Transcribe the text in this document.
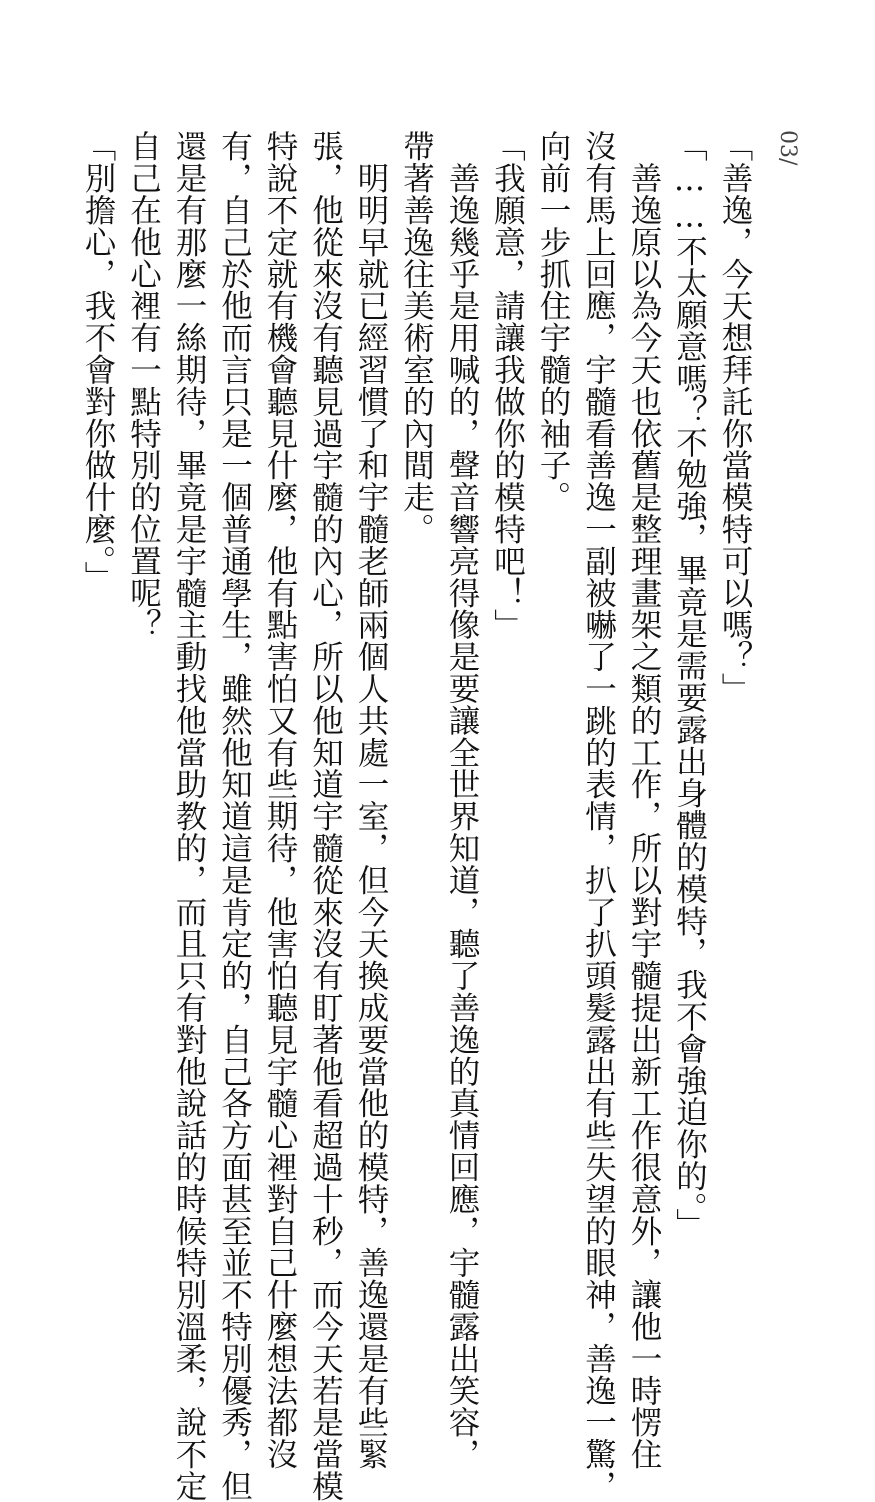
03/

「善逸，今天想拜託你當模特可以嗎？」

「……不太願意嗎？不勉強，畢竟是需要露出身體的模特，我不會強迫你的。」

　善逸原以為今天也依舊是整理畫架之類的工作，所以對宇髓提出新工作很意外，讓他一時愣住
沒有馬上回應，宇髓看善逸一副被嚇了一跳的表情，扒了扒頭髮露出有些失望的眼神，善逸一驚，
向前一步抓住宇髓的袖子。

「我願意，請讓我做你的模特吧！」

　善逸幾乎是用喊的，聲音響亮得像是要讓全世界知道，聽了善逸的真情回應，宇髓露出笑容，
帶著善逸往美術室的內間走。

　明明早就已經習慣了和宇髓老師兩個人共處一室，但今天換成要當他的模特，善逸還是有些緊
張，他從來沒有聽見過宇髓的內心，所以他知道宇髓從來沒有盯著他看超過十秒，而今天若是當模
特說不定就有機會聽見什麼，他有點害怕又有些期待，他害怕聽見宇髓心裡對自己什麼想法都沒
有，自己於他而言只是一個普通學生，雖然他知道這是肯定的，自己各方面甚至並不特別優秀，但
還是有那麼一絲期待，畢竟是宇髓主動找他當助教的，而且只有對他說話的時候特別溫柔，說不定
自己在他心裡有一點特別的位置呢？

「別擔心，我不會對你做什麼。」
